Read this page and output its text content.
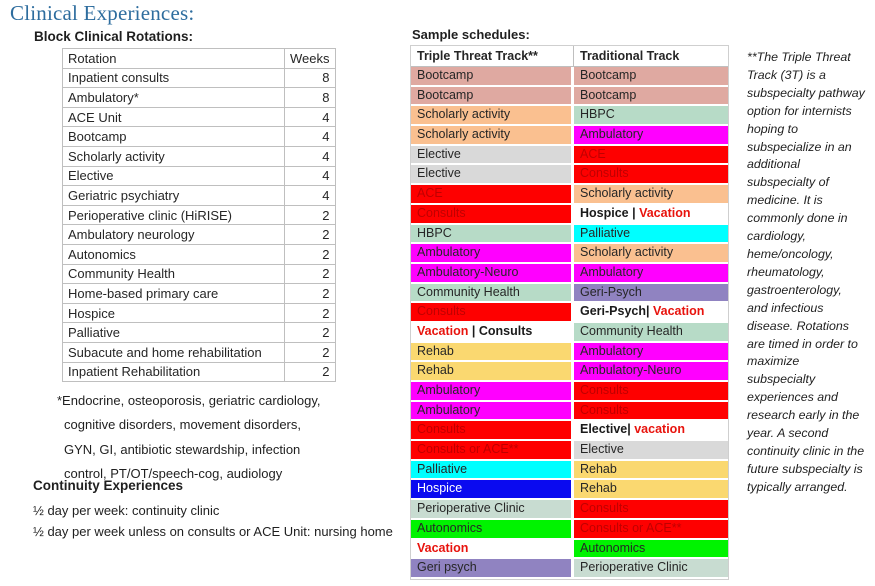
Clinical Experiences:
Block Clinical Rotations:
Rotation	Weeks
Inpatient consults	8
Ambulatory*	8
ACE Unit	4
Bootcamp	4
Scholarly activity	4
Elective	4
Geriatric psychiatry	4
Perioperative clinic (HiRISE)	2
Ambulatory neurology	2
Autonomics	2
Community Health	2
Home-based primary care	2
Hospice	2
Palliative	2
Subacute and home rehabilitation	2
Inpatient Rehabilitation	2
*Endocrine, osteoporosis, geriatric cardiology,
cognitive disorders, movement disorders,
GYN, GI, antibiotic stewardship, infection
control, PT/OT/speech-cog, audiology
Continuity Experiences
½ day per week: continuity clinic
½ day per week unless on consults or ACE Unit: nursing home
Sample schedules:
Triple Threat Track**	Traditional Track
Bootcamp	Bootcamp
Bootcamp	Bootcamp
Scholarly activity	HBPC
Scholarly activity	Ambulatory
Elective	ACE
Elective	Consults
ACE	Scholarly activity
Consults	Hospice | Vacation
HBPC	Palliative
Ambulatory	Scholarly activity
Ambulatory-Neuro	Ambulatory
Community Health	Geri-Psych
Consults	Geri-Psych| Vacation
Vacation | Consults	Community Health
Rehab	Ambulatory
Rehab	Ambulatory-Neuro
Ambulatory	Consults
Ambulatory	Consults
Consults	Elective| vacation
Consults or ACE**	Elective
Palliative	Rehab
Hospice	Rehab
Perioperative Clinic	Consults
Autonomics	Consults or ACE**
Vacation	Autonomics
Geri psych	Perioperative Clinic
**The Triple Threat
Track (3T) is a
subspecialty pathway
option for internists
hoping to
subspecialize in an
additional
subspecialty of
medicine. It is
commonly done in
cardiology,
heme/oncology,
rheumatology,
gastroenterology,
and infectious
disease. Rotations
are timed in order to
maximize
subspecialty
experiences and
research early in the
year. A second
continuity clinic in the
future subspecialty is
typically arranged.
